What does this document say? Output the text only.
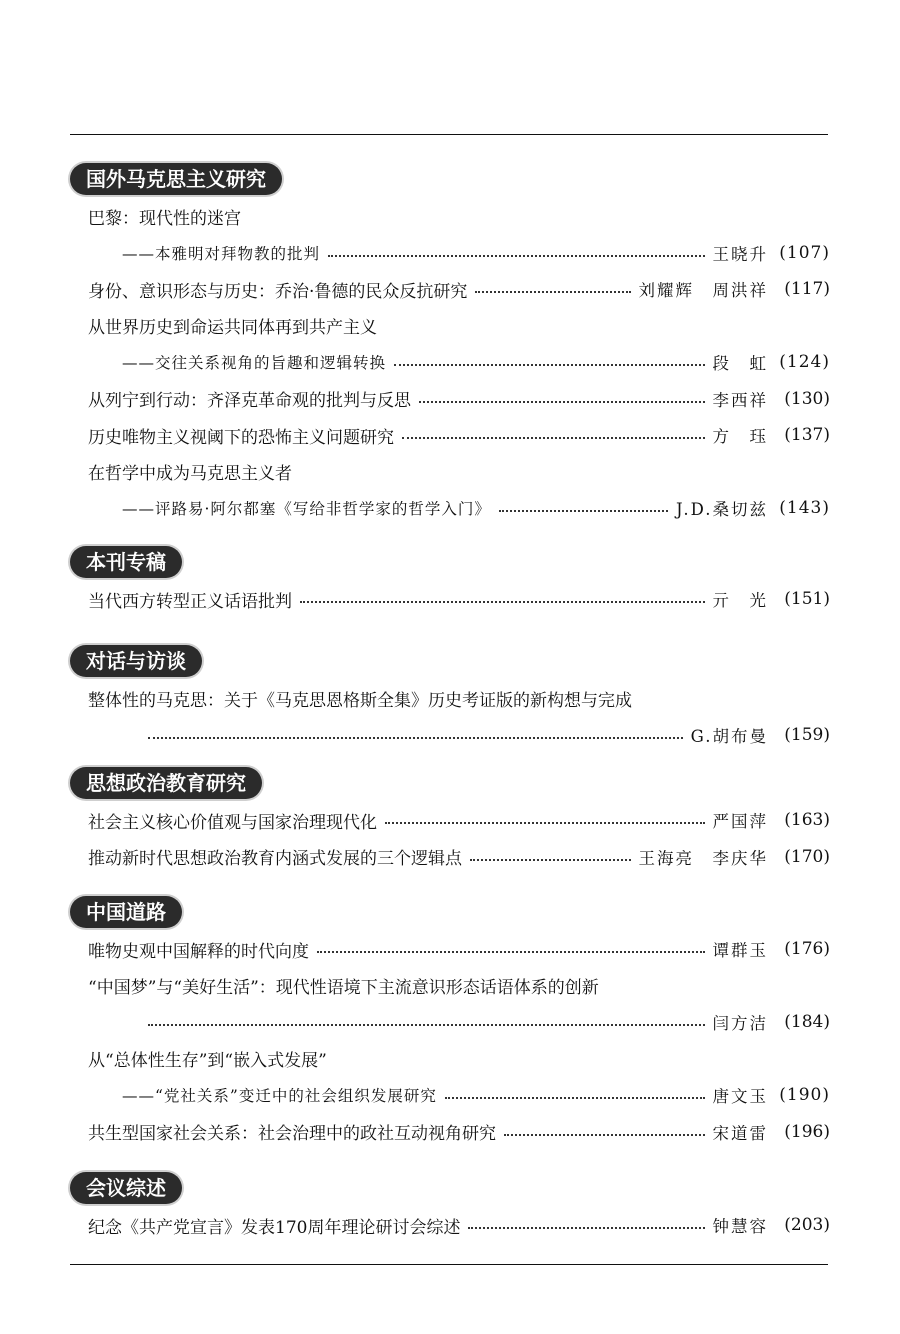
国外马克思主义研究
巴黎：现代性的迷宫
——本雅明对拜物教的批判	王晓升 (107)
身份、意识形态与历史：乔治·鲁德的民众反抗研究	刘耀辉　周洪祥 (117)
从世界历史到命运共同体再到共产主义
——交往关系视角的旨趣和逻辑转换	段　虹 (124)
从列宁到行动：齐泽克革命观的批判与反思	李西祥 (130)
历史唯物主义视阈下的恐怖主义问题研究	方　珏 (137)
在哲学中成为马克思主义者
——评路易·阿尔都塞《写给非哲学家的哲学入门》	J.D.桑切兹 (143)
本刊专稿
当代西方转型正义话语批判	亓　光 (151)
对话与访谈
整体性的马克思：关于《马克思恩格斯全集》历史考证版的新构想与完成
G.胡布曼 (159)
思想政治教育研究
社会主义核心价值观与国家治理现代化	严国萍 (163)
推动新时代思想政治教育内涵式发展的三个逻辑点	王海亮　李庆华 (170)
中国道路
唯物史观中国解释的时代向度	谭群玉 (176)
“中国梦”与“美好生活”：现代性语境下主流意识形态话语体系的创新
闫方洁 (184)
从“总体性生存”到“嵌入式发展”
——“党社关系”变迁中的社会组织发展研究	唐文玉 (190)
共生型国家社会关系：社会治理中的政社互动视角研究	宋道雷 (196)
会议综述
纪念《共产党宣言》发表170周年理论研讨会综述	钟慧容 (203)
